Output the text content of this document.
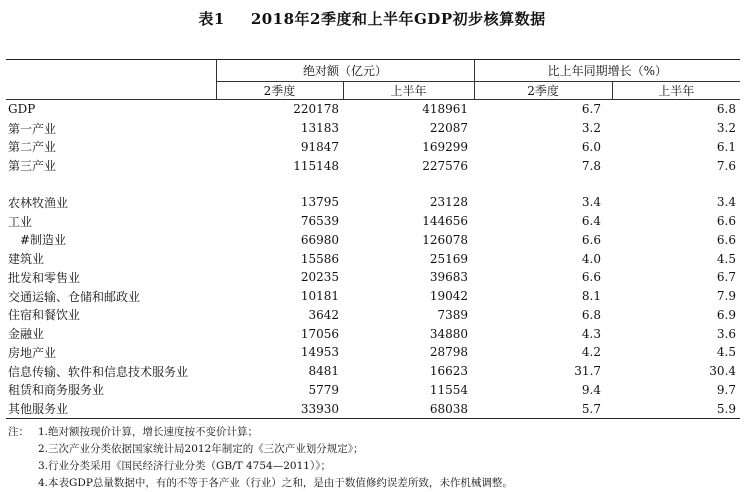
表1 2018年2季度和上半年GDP初步核算数据
	绝对额（亿元）		比上年同期增长（%）	
	2季度	上半年	2季度	上半年
GDP	220178	418961	6.7	6.8
第一产业	13183	22087	3.2	3.2
第二产业	91847	169299	6.0	6.1
第三产业	115148	227576	7.8	7.6

农林牧渔业	13795	23128	3.4	3.4
工业	76539	144656	6.4	6.6
#制造业	66980	126078	6.6	6.6
建筑业	15586	25169	4.0	4.5
批发和零售业	20235	39683	6.6	6.7
交通运输、仓储和邮政业	10181	19042	8.1	7.9
住宿和餐饮业	3642	7389	6.8	6.9
金融业	17056	34880	4.3	3.6
房地产业	14953	28798	4.2	4.5
信息传输、软件和信息技术服务业	8481	16623	31.7	30.4
租赁和商务服务业	5779	11554	9.4	9.7
其他服务业	33930	68038	5.7	5.9
注： 1.绝对额按现价计算，增长速度按不变价计算；
2.三次产业分类依据国家统计局2012年制定的《三次产业划分规定》；
3.行业分类采用《国民经济行业分类（GB/T 4754—2011）》；
4.本表GDP总量数据中，有的不等于各产业（行业）之和，是由于数值修约误差所致，未作机械调整。
